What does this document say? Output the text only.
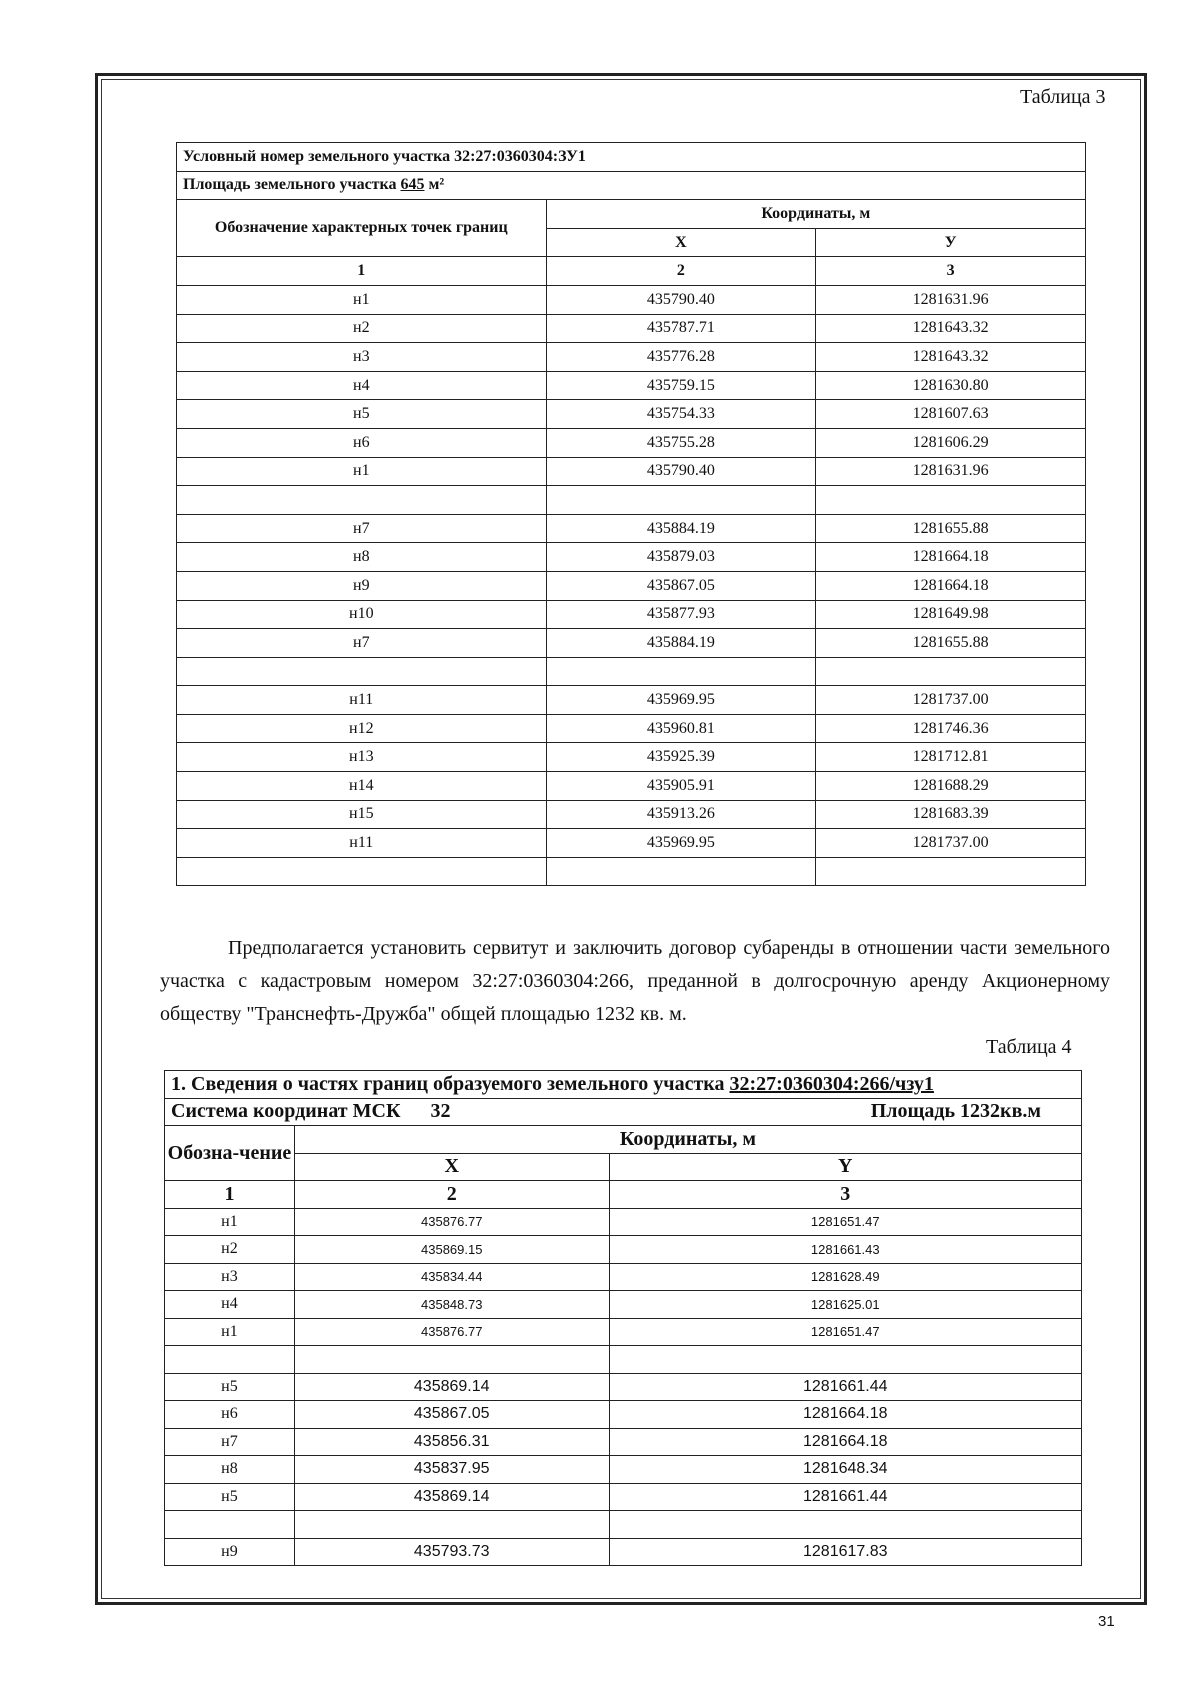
Таблица 3
Условный номер земельного участка 32:27:0360304:ЗУ1		
Площадь земельного участка 645 м²		
Обозначение характерных точек границ	Координаты, м	
	Х	У
1	2	3
н1	435790.40	1281631.96
н2	435787.71	1281643.32
н3	435776.28	1281643.32
н4	435759.15	1281630.80
н5	435754.33	1281607.63
н6	435755.28	1281606.29
н1	435790.40	1281631.96

н7	435884.19	1281655.88
н8	435879.03	1281664.18
н9	435867.05	1281664.18
н10	435877.93	1281649.98
н7	435884.19	1281655.88

н11	435969.95	1281737.00
н12	435960.81	1281746.36
н13	435925.39	1281712.81
н14	435905.91	1281688.29
н15	435913.26	1281683.39
н11	435969.95	1281737.00

Предполагается установить сервитут и заключить договор субаренды в отношении части земельного участка с кадастровым номером 32:27:0360304:266, преданной в долгосрочную аренду Акционерному обществу "Транснефть-Дружба" общей площадью 1232 кв. м.
Таблица 4
1. Сведения о частях границ образуемого земельного участка 32:27:0360304:266/чзу1		
Система координат МСК 32 Площадь 1232кв.м		

Обозна-чение	Координаты, м	
	X	Y
1	2	3
н1	435876.77	1281651.47
н2	435869.15	1281661.43
н3	435834.44	1281628.49
н4	435848.73	1281625.01
н1	435876.77	1281651.47

н5	435869.14	1281661.44
н6	435867.05	1281664.18
н7	435856.31	1281664.18
н8	435837.95	1281648.34
н5	435869.14	1281661.44

н9	435793.73	1281617.83
31
